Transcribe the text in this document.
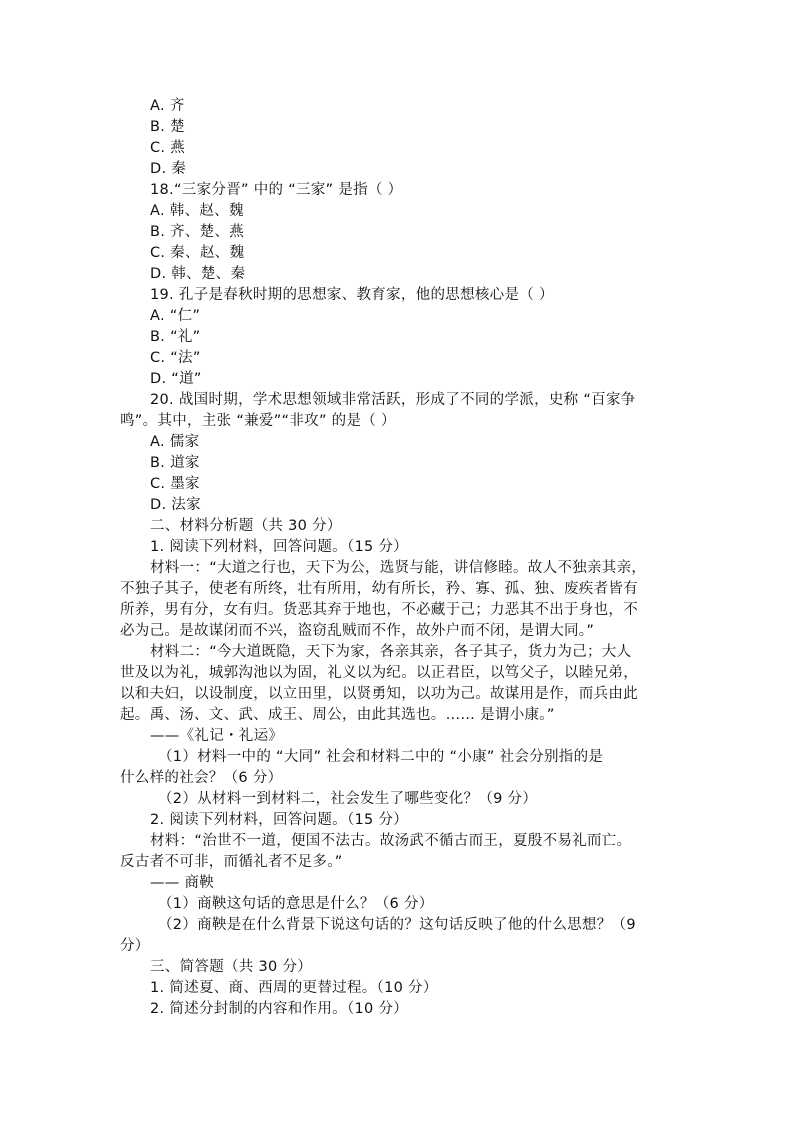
A. 齐
B. 楚
C. 燕
D. 秦
18.“三家分晋” 中的 “三家” 是指（ ）
A. 韩、赵、魏
B. 齐、楚、燕
C. 秦、赵、魏
D. 韩、楚、秦
19. 孔子是春秋时期的思想家、教育家，他的思想核心是（ ）
A. “仁”
B. “礼”
C. “法”
D. “道”
20. 战国时期，学术思想领域非常活跃，形成了不同的学派，史称 “百家争
鸣”。其中，主张 “兼爱”“非攻” 的是（ ）
A. 儒家
B. 道家
C. 墨家
D. 法家
二、材料分析题（共 30 分）
1. 阅读下列材料，回答问题。（15 分）
材料一：“大道之行也，天下为公，选贤与能，讲信修睦。故人不独亲其亲，
不独子其子，使老有所终，壮有所用，幼有所长，矜、寡、孤、独、废疾者皆有
所养，男有分，女有归。货恶其弃于地也，不必藏于己；力恶其不出于身也，不
必为己。是故谋闭而不兴，盗窃乱贼而不作，故外户而不闭，是谓大同。”
材料二：“今大道既隐，天下为家，各亲其亲，各子其子，货力为己；大人
世及以为礼，城郭沟池以为固，礼义以为纪。以正君臣，以笃父子，以睦兄弟，
以和夫妇，以设制度，以立田里，以贤勇知，以功为己。故谋用是作，而兵由此
起。禹、汤、文、武、成王、周公，由此其选也。…… 是谓小康。”
——《礼记・礼运》
（1）材料一中的 “大同” 社会和材料二中的 “小康” 社会分别指的是
什么样的社会？（6 分）
（2）从材料一到材料二，社会发生了哪些变化？（9 分）
2. 阅读下列材料，回答问题。（15 分）
材料：“治世不一道，便国不法古。故汤武不循古而王，夏殷不易礼而亡。
反古者不可非，而循礼者不足多。”
—— 商鞅
（1）商鞅这句话的意思是什么？（6 分）
（2）商鞅是在什么背景下说这句话的？这句话反映了他的什么思想？（9
分）
三、简答题（共 30 分）
1. 简述夏、商、西周的更替过程。（10 分）
2. 简述分封制的内容和作用。（10 分）
